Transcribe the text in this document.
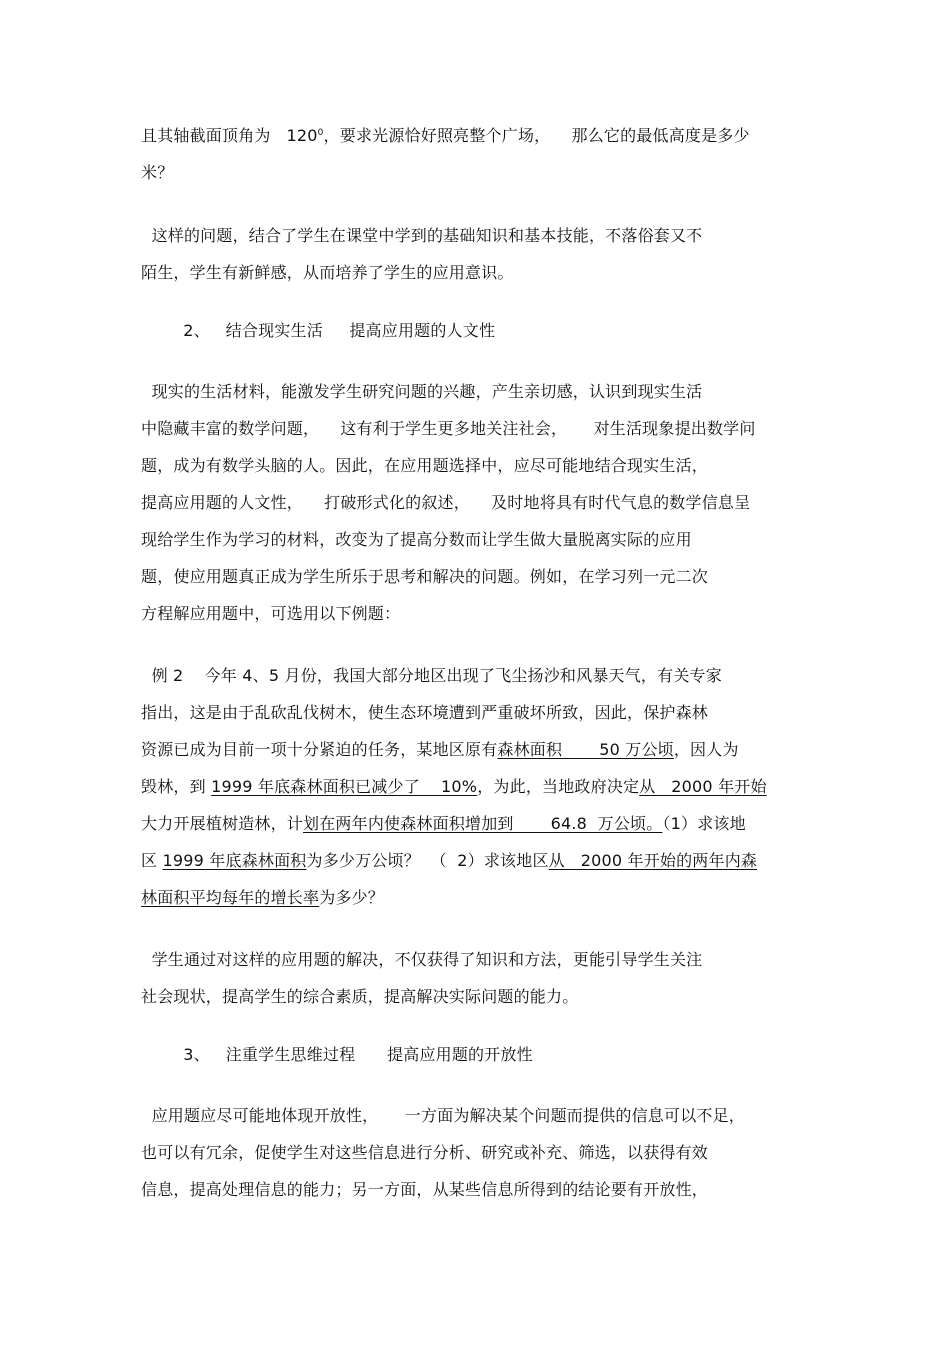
且其轴截面顶角为   $120^0$，要求光源恰好照亮整个广场，    那么它的最低高度是多少
米？
这样的问题，结合了学生在课堂中学到的基础知识和基本技能，不落俗套又不
陌生，学生有新鲜感，从而培养了学生的应用意识。
2、   结合现实生活     提高应用题的人文性
现实的生活材料，能激发学生研究问题的兴趣，产生亲切感，认识到现实生活
中隐藏丰富的数学问题，    这有利于学生更多地关注社会，     对生活现象提出数学问
题，成为有数学头脑的人。因此，在应用题选择中，应尽可能地结合现实生活，
提高应用题的人文性，    打破形式化的叙述，    及时地将具有时代气息的数学信息呈
现给学生作为学习的材料，改变为了提高分数而让学生做大量脱离实际的应用
题，使应用题真正成为学生所乐于思考和解决的问题。例如，在学习列一元二次
方程解应用题中，可选用以下例题：
例 2    今年 4、5 月份，我国大部分地区出现了飞尘扬沙和风暴天气，有关专家
指出，这是由于乱砍乱伐树木，使生态环境遭到严重破坏所致，因此，保护森林
资源已成为目前一项十分紧迫的任务，某地区原有森林面积       50 万公顷，因人为
毁林，到 1999 年底森林面积已减少了    10%，为此，当地政府决定从   2000 年开始
大力开展植树造林，计划在两年内使森林面积增加到       64.8  万公顷。（1）求该地
区 1999 年底森林面积为多少万公顷？  （  2）求该地区从   2000 年开始的两年内森
林面积平均每年的增长率为多少？
学生通过对这样的应用题的解决，不仅获得了知识和方法，更能引导学生关注
社会现状，提高学生的综合素质，提高解决实际问题的能力。
3、   注重学生思维过程      提高应用题的开放性
应用题应尽可能地体现开放性，     一方面为解决某个问题而提供的信息可以不足，
也可以有冗余，促使学生对这些信息进行分析、研究或补充、筛选，以获得有效
信息，提高处理信息的能力；另一方面，从某些信息所得到的结论要有开放性，
